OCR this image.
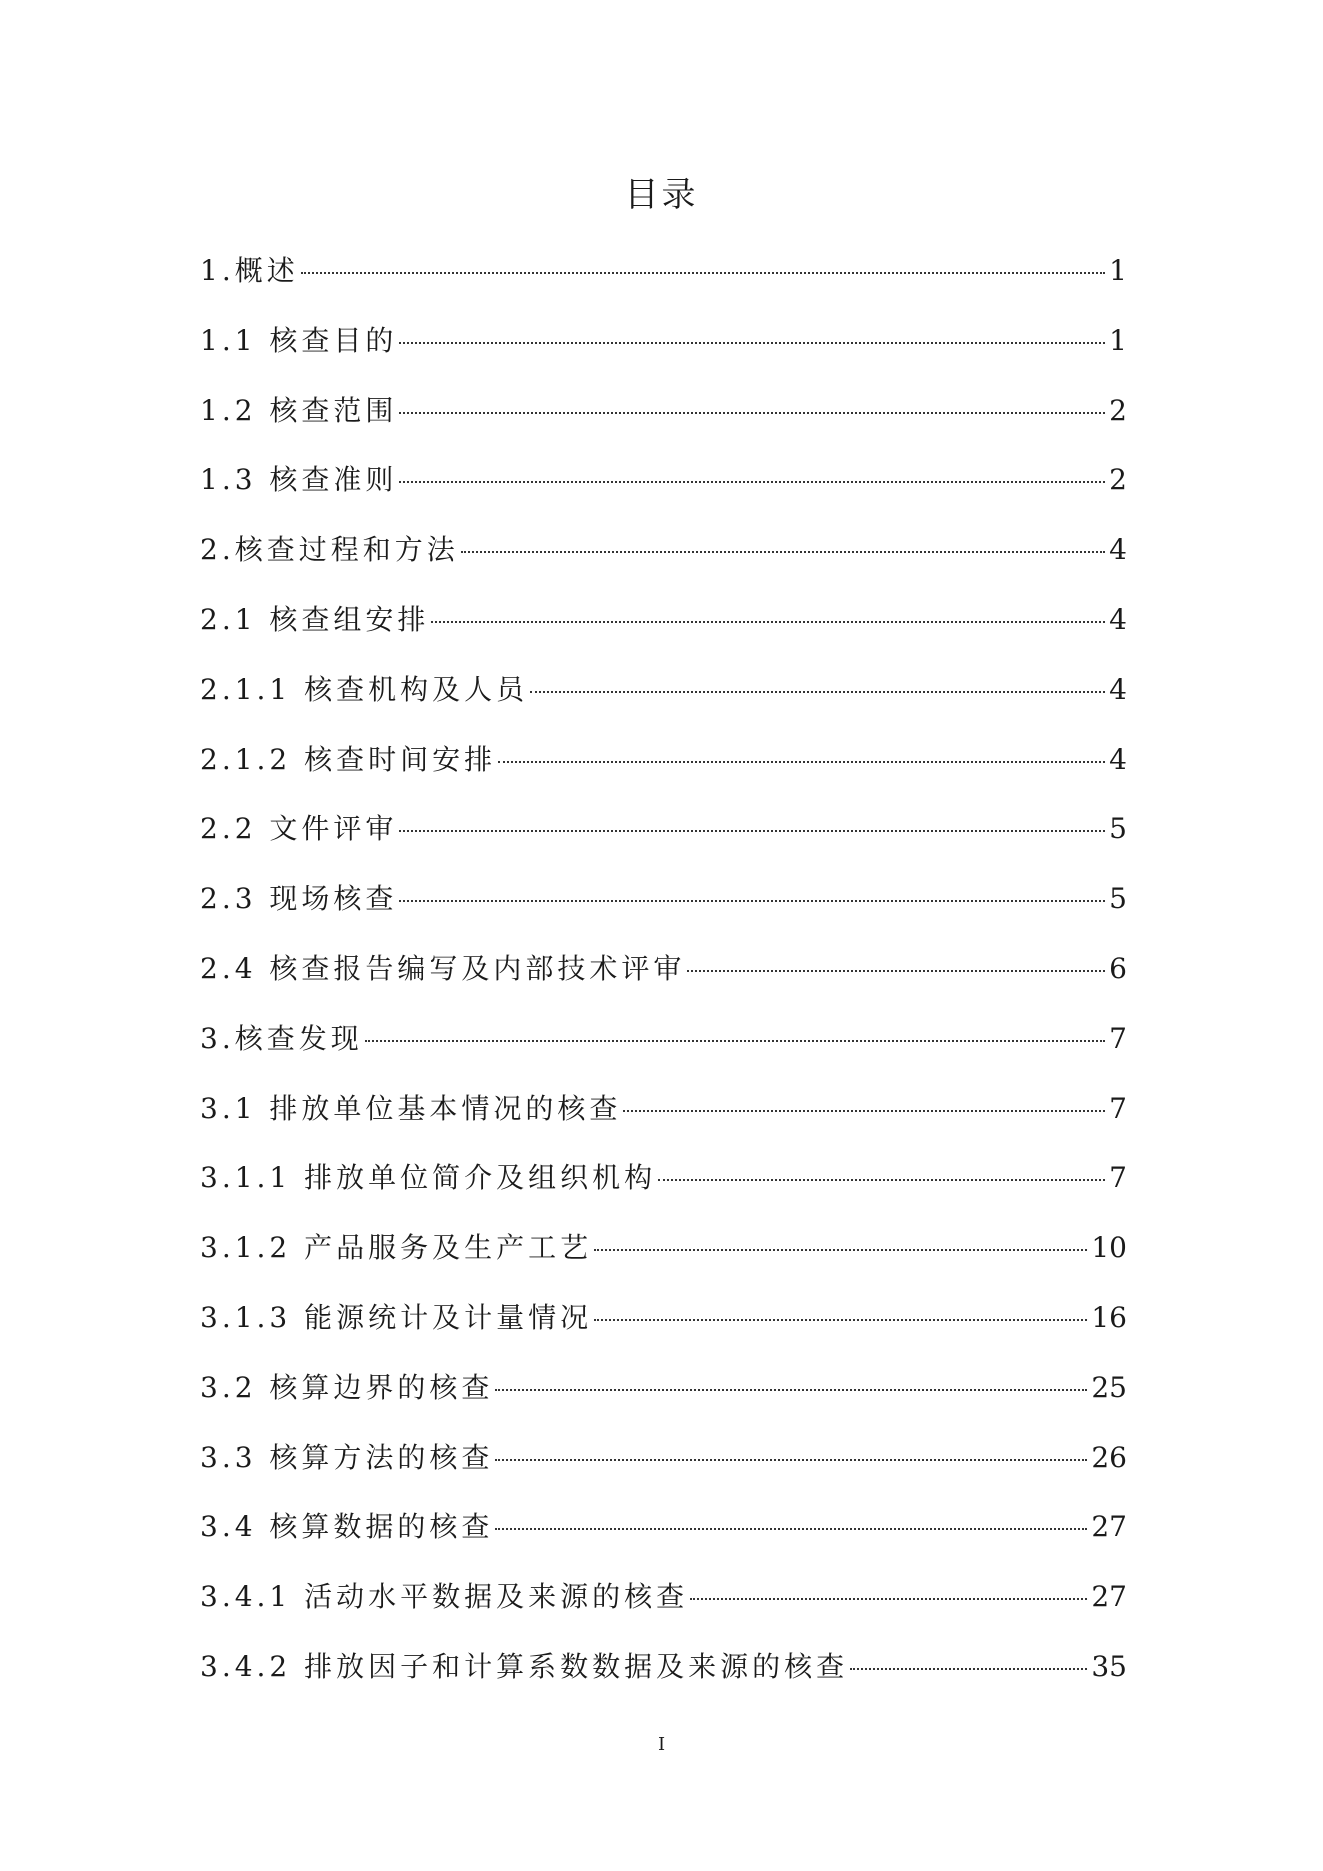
目录
1.概述	1
1.1 核查目的	1
1.2 核查范围	2
1.3 核查准则	2
2.核查过程和方法	4
2.1 核查组安排	4
2.1.1 核查机构及人员	4
2.1.2 核查时间安排	4
2.2 文件评审	5
2.3 现场核查	5
2.4 核查报告编写及内部技术评审	6
3.核查发现	7
3.1 排放单位基本情况的核查	7
3.1.1 排放单位简介及组织机构	7
3.1.2 产品服务及生产工艺	10
3.1.3 能源统计及计量情况	16
3.2 核算边界的核查	25
3.3 核算方法的核查	26
3.4 核算数据的核查	27
3.4.1 活动水平数据及来源的核查	27
3.4.2 排放因子和计算系数数据及来源的核查	35
I
